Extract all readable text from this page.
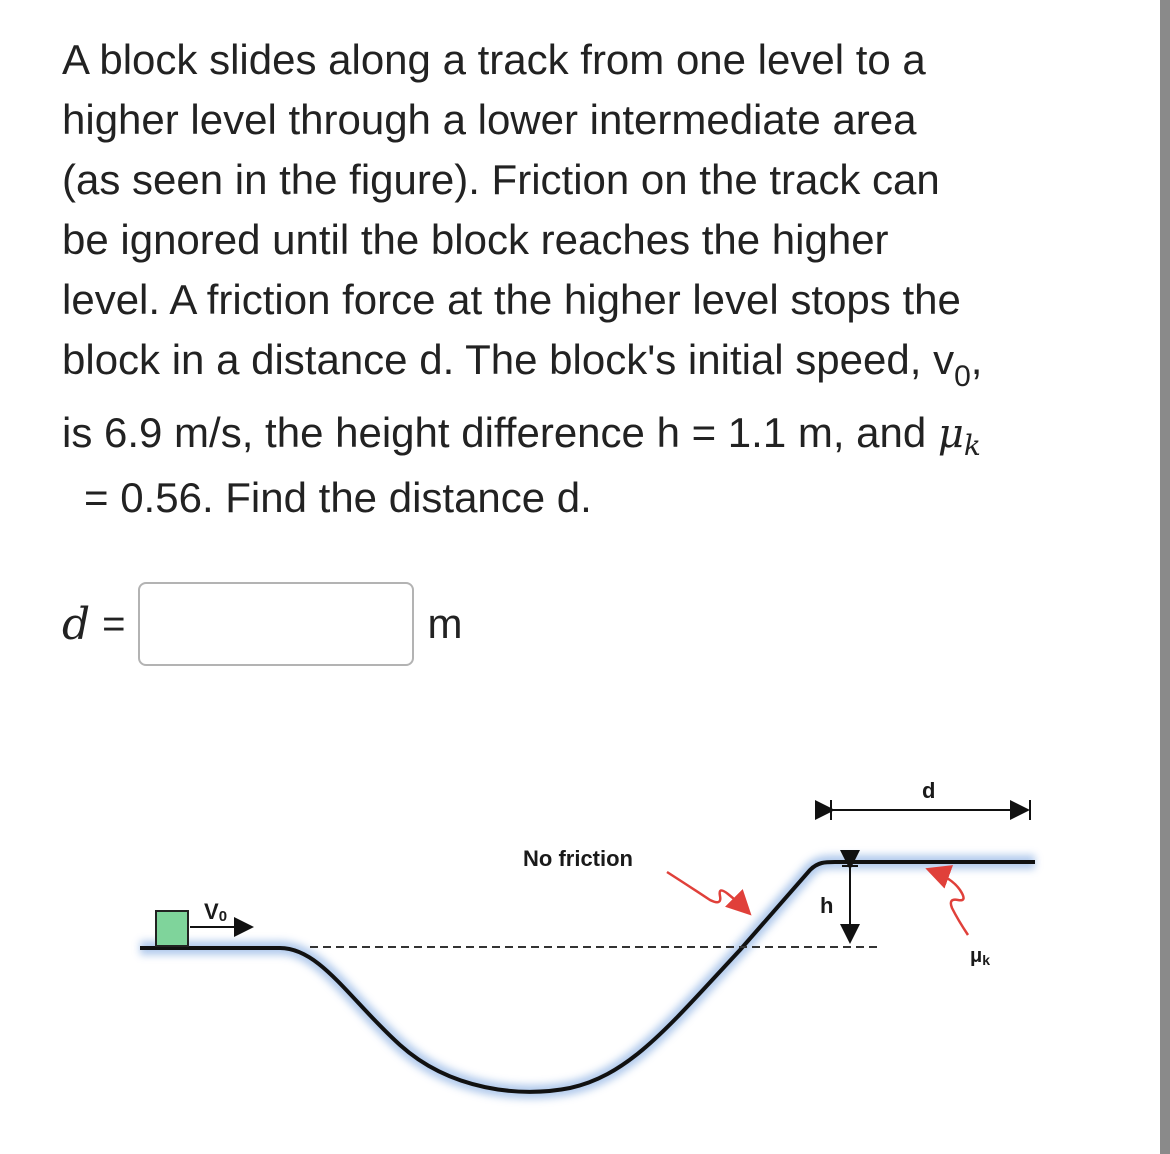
A block slides along a track from one level to a
higher level through a lower intermediate area
(as seen in the figure). Friction on the track can
be ignored until the block reaches the higher
level. A friction force at the higher level stops the
block in a distance d. The block's initial speed, $v_0$,
is 6.9 m/s, the height difference h = 1.1 m, and μk
= 0.56. Find the distance d.
d =	m
V0
No friction
h
d
μk
